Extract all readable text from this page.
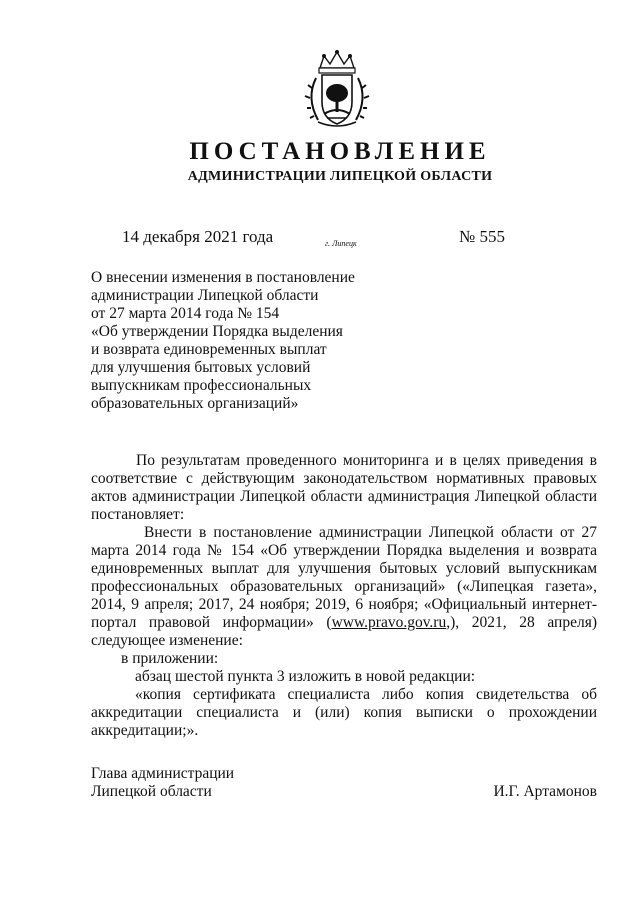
ПОСТАНОВЛЕНИЕ
АДМИНИСТРАЦИИ ЛИПЕЦКОЙ ОБЛАСТИ
14 декабря 2021 года	г. Липецк	№ 555
О внесении изменения в постановление
администрации Липецкой области
от 27 марта 2014 года № 154
«Об утверждении Порядка выделения
и возврата единовременных выплат
для улучшения бытовых условий
выпускникам профессиональных
образовательных организаций»

По результатам проведенного мониторинга и в целях приведения в соответствие с действующим законодательством нормативных правовых актов администрации Липецкой области администрация Липецкой области постановляет:

Внести в постановление администрации Липецкой области от 27 марта 2014 года № 154 «Об утверждении Порядка выделения и возврата единовременных выплат для улучшения бытовых условий выпускникам профессиональных образовательных организаций» («Липецкая газета», 2014, 9 апреля; 2017, 24 ноября; 2019, 6 ноября; «Официальный интернет-портал правовой информации» (www.pravo.gov.ru,), 2021, 28 апреля) следующее изменение:

в приложении:

абзац шестой пункта 3 изложить в новой редакции:

«копия сертификата специалиста либо копия свидетельства об аккредитации специалиста и (или) копия выписки о прохождении аккредитации;».

Глава администрации
Липецкой области	И.Г. Артамонов
